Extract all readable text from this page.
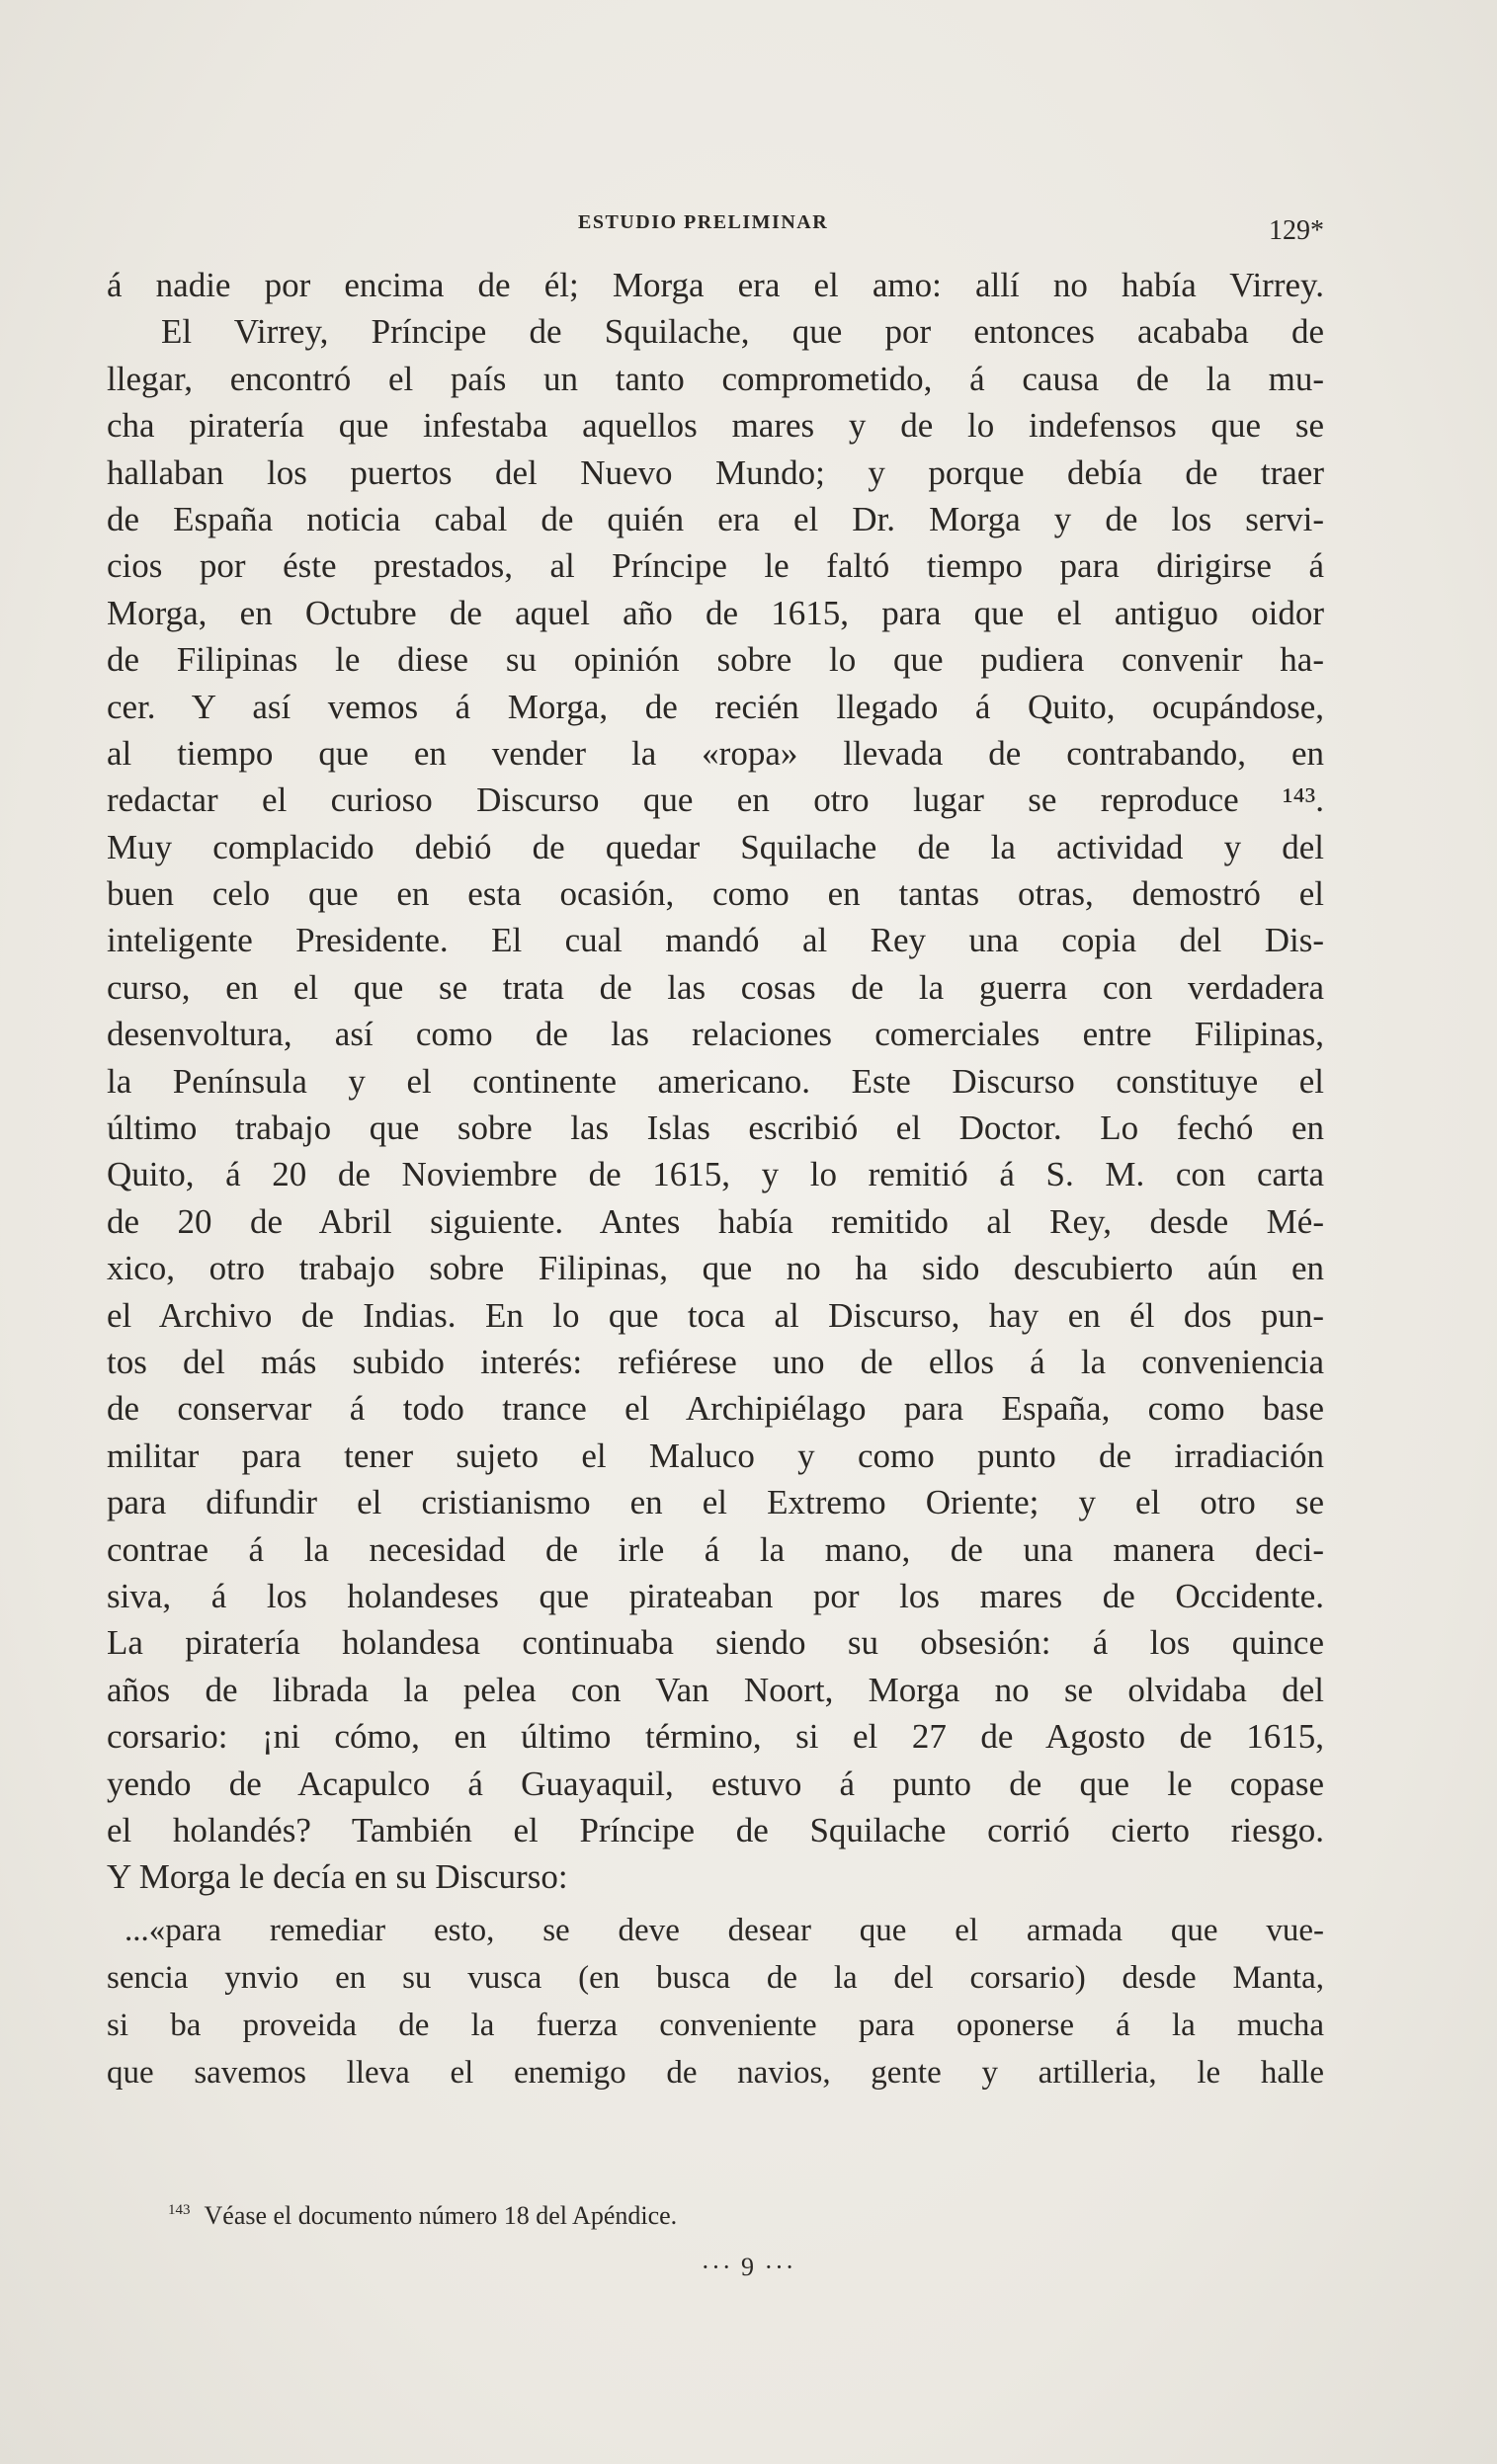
ESTUDIO PRELIMINAR	129*
á nadie por encima de él; Morga era el amo: allí no había Virrey.
El Virrey, Príncipe de Squilache, que por entonces acababa de
llegar, encontró el país un tanto comprometido, á causa de la mu-
cha piratería que infestaba aquellos mares y de lo indefensos que se
hallaban los puertos del Nuevo Mundo; y porque debía de traer
de España noticia cabal de quién era el Dr. Morga y de los servi-
cios por éste prestados, al Príncipe le faltó tiempo para dirigirse á
Morga, en Octubre de aquel año de 1615, para que el antiguo oidor
de Filipinas le diese su opinión sobre lo que pudiera convenir ha-
cer. Y así vemos á Morga, de recién llegado á Quito, ocupándose,
al tiempo que en vender la «ropa» llevada de contrabando, en
redactar el curioso Discurso que en otro lugar se reproduce ¹⁴³.
Muy complacido debió de quedar Squilache de la actividad y del
buen celo que en esta ocasión, como en tantas otras, demostró el
inteligente Presidente. El cual mandó al Rey una copia del Dis-
curso, en el que se trata de las cosas de la guerra con verdadera
desenvoltura, así como de las relaciones comerciales entre Filipinas,
la Península y el continente americano. Este Discurso constituye el
último trabajo que sobre las Islas escribió el Doctor. Lo fechó en
Quito, á 20 de Noviembre de 1615, y lo remitió á S. M. con carta
de 20 de Abril siguiente. Antes había remitido al Rey, desde Mé-
xico, otro trabajo sobre Filipinas, que no ha sido descubierto aún en
el Archivo de Indias. En lo que toca al Discurso, hay en él dos pun-
tos del más subido interés: refiérese uno de ellos á la conveniencia
de conservar á todo trance el Archipiélago para España, como base
militar para tener sujeto el Maluco y como punto de irradiación
para difundir el cristianismo en el Extremo Oriente; y el otro se
contrae á la necesidad de irle á la mano, de una manera deci-
siva, á los holandeses que pirateaban por los mares de Occidente.
La piratería holandesa continuaba siendo su obsesión: á los quince
años de librada la pelea con Van Noort, Morga no se olvidaba del
corsario: ¡ni cómo, en último término, si el 27 de Agosto de 1615,
yendo de Acapulco á Guayaquil, estuvo á punto de que le copase
el holandés? También el Príncipe de Squilache corrió cierto riesgo.
Y Morga le decía en su Discurso:
...«para remediar esto, se deve desear que el armada que vue-
sencia ynvio en su vusca (en busca de la del corsario) desde Manta,
si ba proveida de la fuerza conveniente para oponerse á la mucha
que savemos lleva el enemigo de navios, gente y artilleria, le halle
$^{143}$ Véase el documento número 18 del Apéndice.
··· 9 ···
